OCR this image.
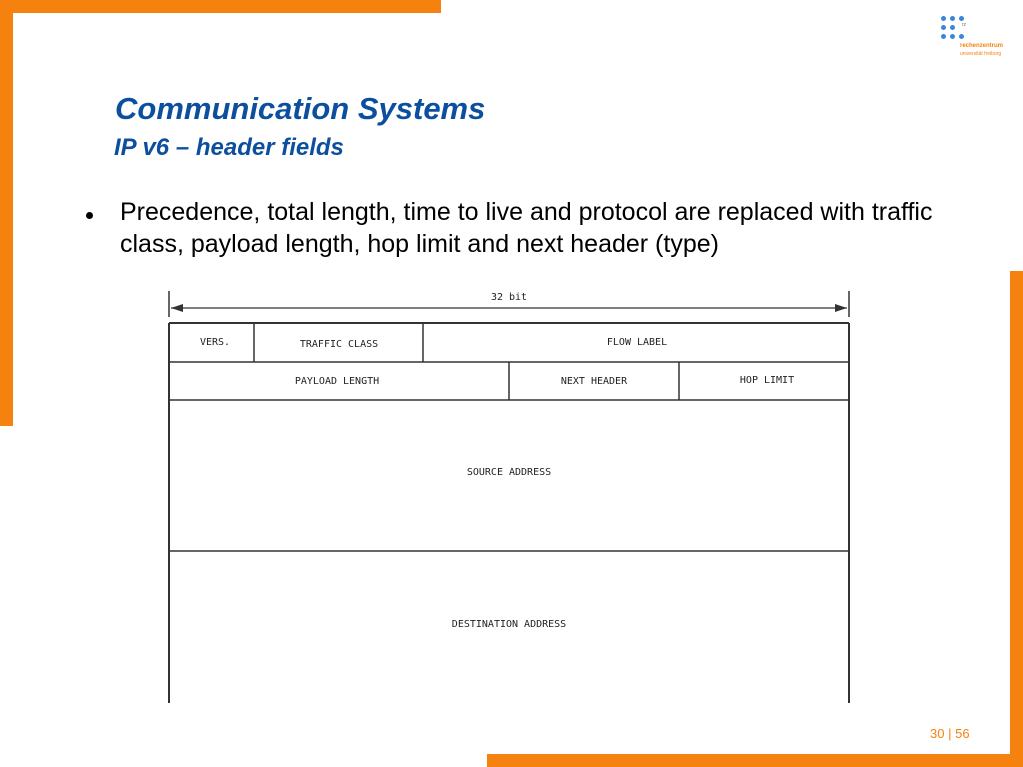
rz
rechenzentrum
universität freiburg
Communication Systems
IP v6 – header fields
Precedence, total length, time to live and protocol are replaced with traffic class, payload length, hop limit and next header (type)
32 bit
VERS.	TRAFFIC CLASS	FLOW LABEL
PAYLOAD LENGTH	NEXT HEADER	HOP LIMIT
SOURCE ADDRESS
DESTINATION ADDRESS
30 | 56
